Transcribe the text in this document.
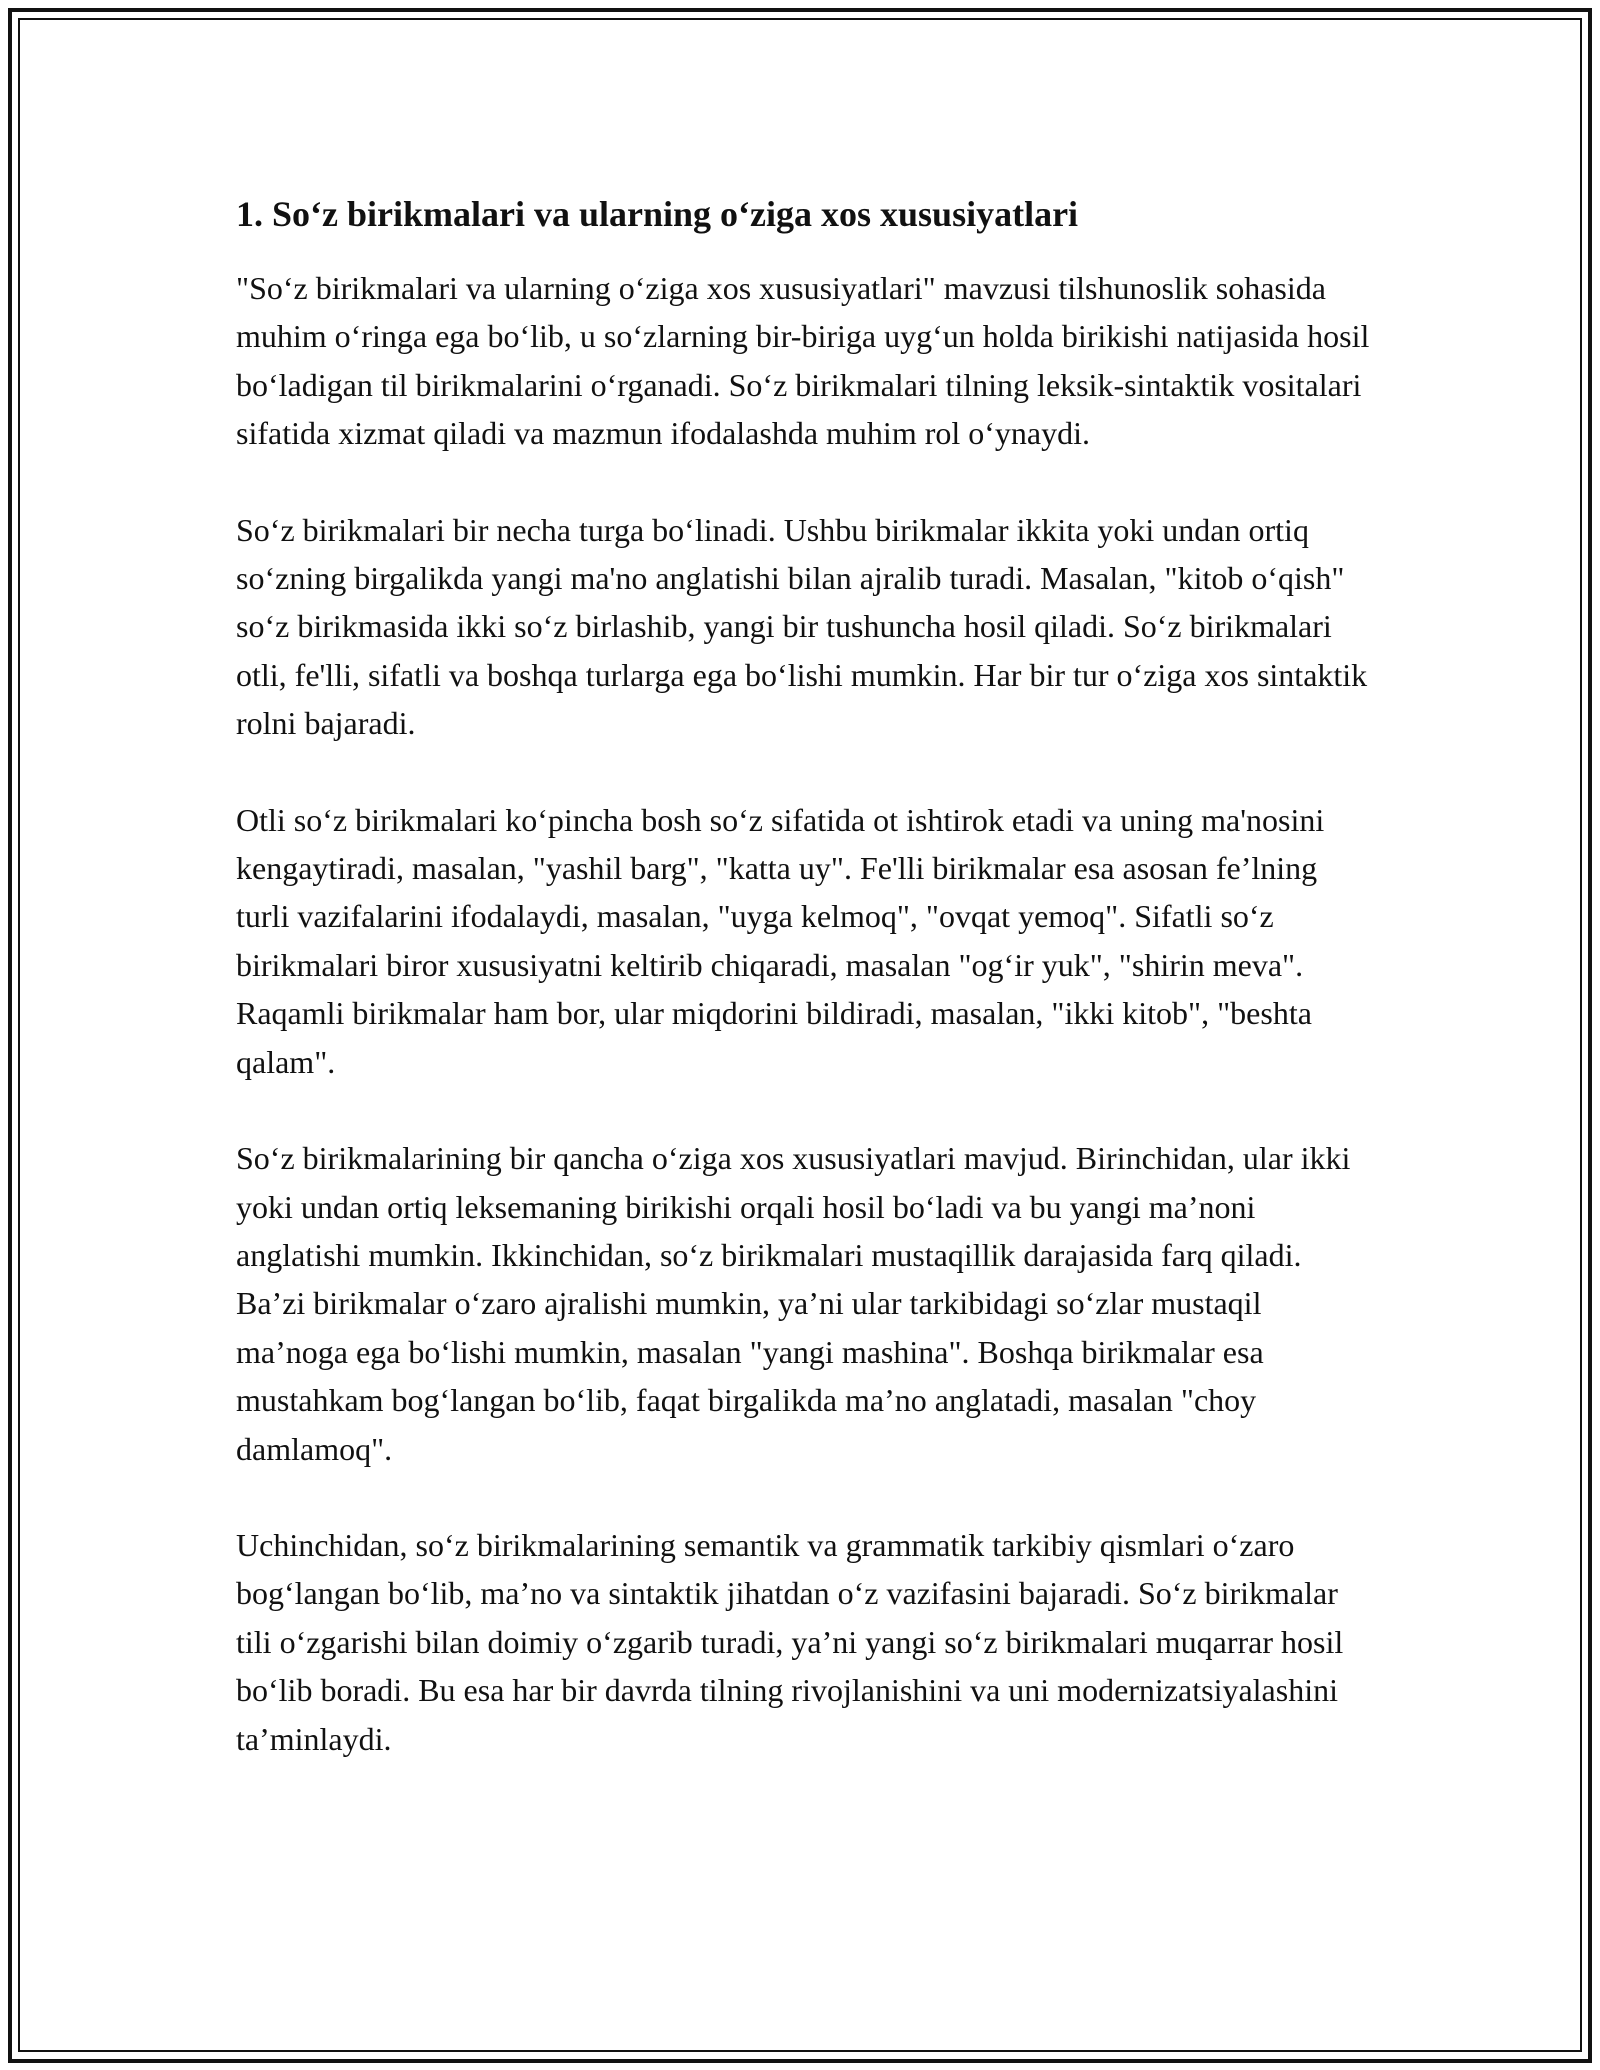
1. So‘z birikmalari va ularning o‘ziga xos xususiyatlari

"So‘z birikmalari va ularning o‘ziga xos xususiyatlari" mavzusi tilshunoslik sohasida muhim o‘ringa ega bo‘lib, u so‘zlarning bir-biriga uyg‘un holda birikishi natijasida hosil bo‘ladigan til birikmalarini o‘rganadi. So‘z birikmalari tilning leksik-sintaktik vositalari sifatida xizmat qiladi va mazmun ifodalashda muhim rol o‘ynaydi.

So‘z birikmalari bir necha turga bo‘linadi. Ushbu birikmalar ikkita yoki undan ortiq so‘zning birgalikda yangi ma'no anglatishi bilan ajralib turadi. Masalan, "kitob o‘qish" so‘z birikmasida ikki so‘z birlashib, yangi bir tushuncha hosil qiladi. So‘z birikmalari otli, fe'lli, sifatli va boshqa turlarga ega bo‘lishi mumkin. Har bir tur o‘ziga xos sintaktik rolni bajaradi.

Otli so‘z birikmalari ko‘pincha bosh so‘z sifatida ot ishtirok etadi va uning ma'nosini kengaytiradi, masalan, "yashil barg", "katta uy". Fe'lli birikmalar esa asosan fe’lning turli vazifalarini ifodalaydi, masalan, "uyga kelmoq", "ovqat yemoq". Sifatli so‘z birikmalari biror xususiyatni keltirib chiqaradi, masalan "og‘ir yuk", "shirin meva". Raqamli birikmalar ham bor, ular miqdorini bildiradi, masalan, "ikki kitob", "beshta qalam".

So‘z birikmalarining bir qancha o‘ziga xos xususiyatlari mavjud. Birinchidan, ular ikki yoki undan ortiq leksemaning birikishi orqali hosil bo‘ladi va bu yangi ma’noni anglatishi mumkin. Ikkinchidan, so‘z birikmalari mustaqillik darajasida farq qiladi. Ba’zi birikmalar o‘zaro ajralishi mumkin, ya’ni ular tarkibidagi so‘zlar mustaqil ma’noga ega bo‘lishi mumkin, masalan "yangi mashina". Boshqa birikmalar esa mustahkam bog‘langan bo‘lib, faqat birgalikda ma’no anglatadi, masalan "choy damlamoq".

Uchinchidan, so‘z birikmalarining semantik va grammatik tarkibiy qismlari o‘zaro bog‘langan bo‘lib, ma’no va sintaktik jihatdan o‘z vazifasini bajaradi. So‘z birikmalar tili o‘zgarishi bilan doimiy o‘zgarib turadi, ya’ni yangi so‘z birikmalari muqarrar hosil bo‘lib boradi. Bu esa har bir davrda tilning rivojlanishini va uni modernizatsiyalashini ta’minlaydi.
